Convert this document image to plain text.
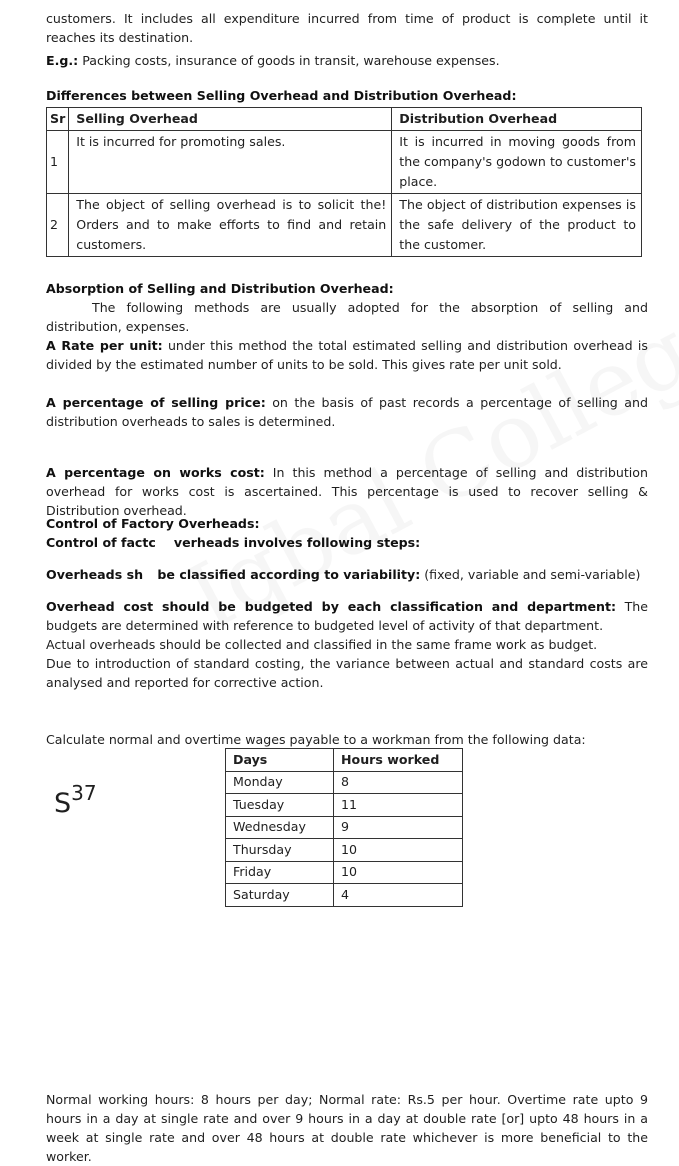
customers. It includes all expenditure incurred from time of product is complete until it reaches its destination.

E.g.: Packing costs, insurance of goods in transit, warehouse expenses.

Differences between Selling Overhead and Distribution Overhead:

Sr	Selling Overhead	Distribution Overhead
1	It is incurred for promoting sales.	It is incurred in moving goods from the company's godown to customer's place.
2	The object of selling overhead is to solicit the! Orders and to make efforts to find and retain customers.	The object of distribution expenses is the safe delivery of the product to the customer.

Absorption of Selling and Distribution Overhead:

The following methods are usually adopted for the absorption of selling and distribution, expenses.

A Rate per unit: under this method the total estimated selling and distribution overhead is divided by the estimated number of units to be sold. This gives rate per unit sold.

A percentage of selling price: on the basis of past records a percentage of selling and distribution overheads to sales is determined.

A percentage on works cost: In this method a percentage of selling and distribution overhead for works cost is ascertained. This percentage is used to recover selling & Distribution overhead.

Control of Factory Overheads:

Control of factc verheads involves following steps:

Overheads sh be classified according to variability: (fixed, variable and semi-variable)

Overhead cost should be budgeted by each classification and department: The budgets are determined with reference to budgeted level of activity of that department.

Actual overheads should be collected and classified in the same frame work as budget.

Due to introduction of standard costing, the variance between actual and standard costs are analysed and reported for corrective action.

Calculate normal and overtime wages payable to a workman from the following data:

$S^{37}$
Days	Hours worked
Monday	8
Tuesday	11
Wednesday	9
Thursday	10
Friday	10
Saturday	4

Normal working hours: 8 hours per day; Normal rate: Rs.5 per hour. Overtime rate upto 9 hours in a day at single rate and over 9 hours in a day at double rate [or] upto 48 hours in a week at single rate and over 48 hours at double rate whichever is more beneficial to the worker.
